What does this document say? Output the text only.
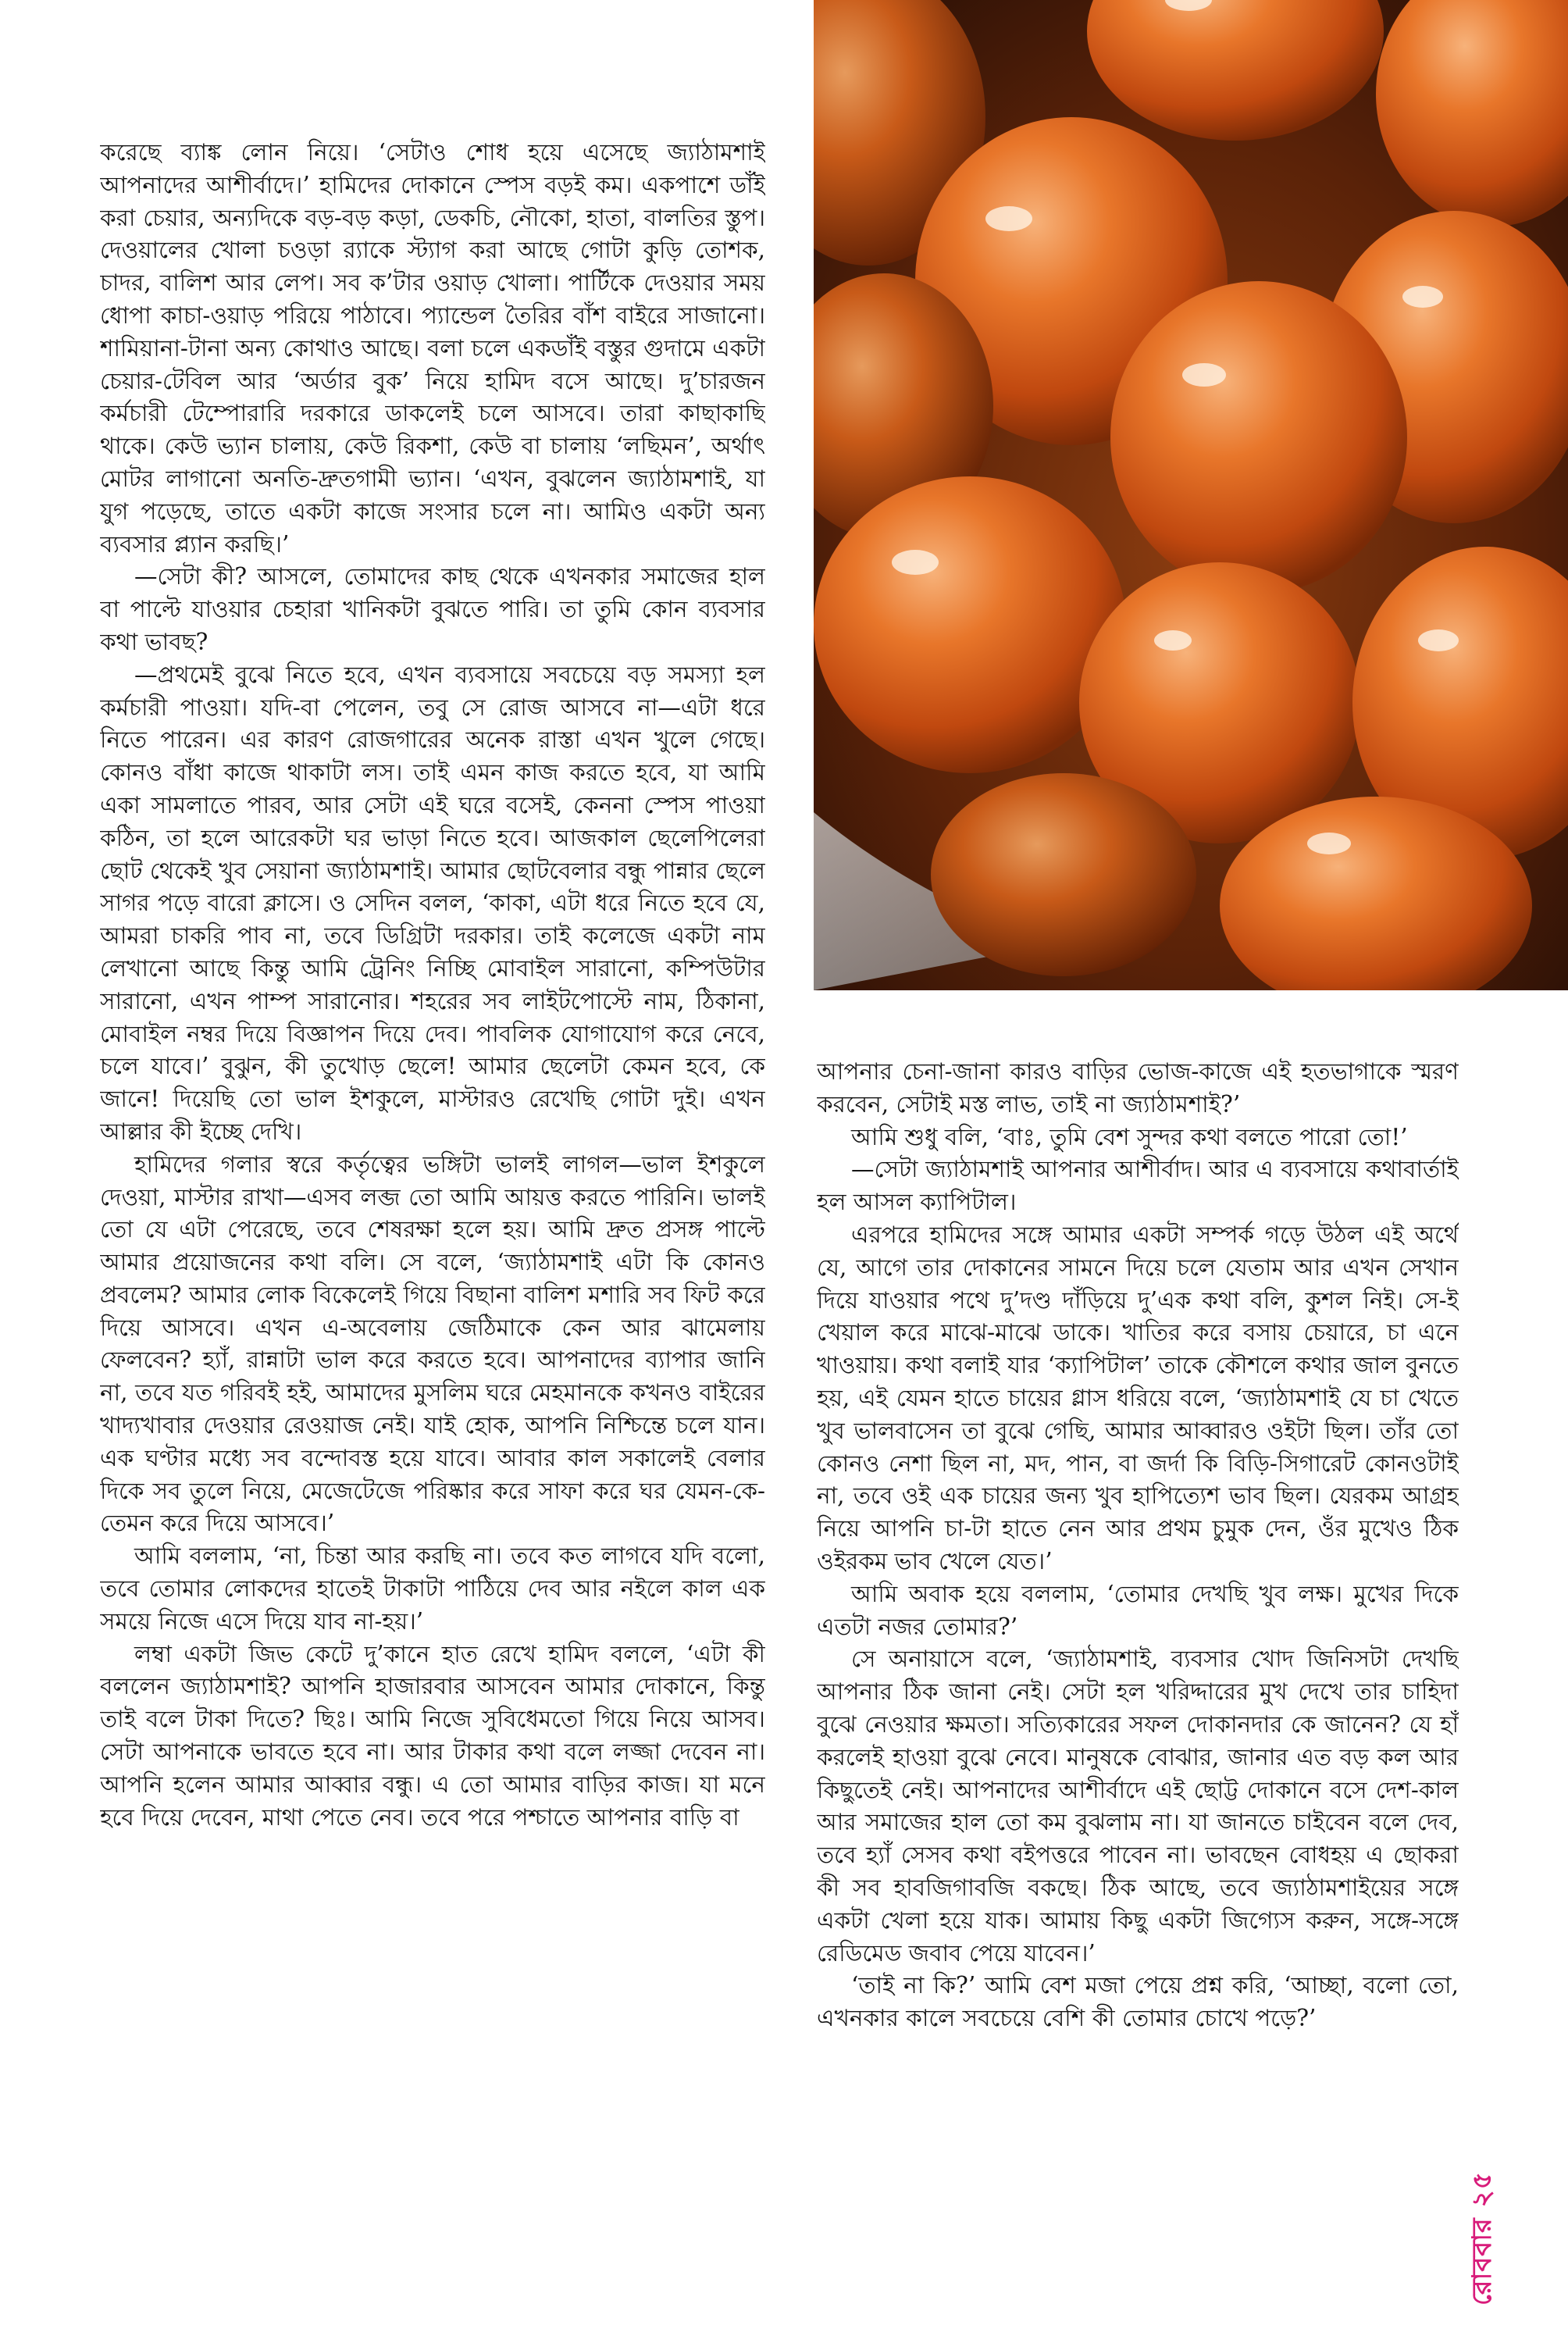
করেছে ব্যাঙ্ক লোন নিয়ে। ‘সেটাও শোধ হয়ে এসেছে জ্যাঠামশাই আপনাদের আশীর্বাদে।’ হামিদের দোকানে স্পেস বড়ই কম। একপাশে ডাঁই করা চেয়ার, অন্যদিকে বড়-বড় কড়া, ডেকচি, নৌকো, হাতা, বালতির স্তুপ। দেওয়ালের খোলা চওড়া র‍্যাকে স্ট্যাগ করা আছে গোটা কুড়ি তোশক, চাদর, বালিশ আর লেপ। সব ক’টার ওয়াড় খোলা। পার্টিকে দেওয়ার সময় ধোপা কাচা-ওয়াড় পরিয়ে পাঠাবে। প্যান্ডেল তৈরির বাঁশ বাইরে সাজানো। শামিয়ানা-টানা অন্য কোথাও আছে। বলা চলে একডাঁই বস্তুর গুদামে একটা চেয়ার-টেবিল আর ‘অর্ডার বুক’ নিয়ে হামিদ বসে আছে। দু’চারজন কর্মচারী টেম্পোরারি দরকারে ডাকলেই চলে আসবে। তারা কাছাকাছি থাকে। কেউ ভ্যান চালায়, কেউ রিকশা, কেউ বা চালায় ‘লছিমন’, অর্থাৎ মোটর লাগানো অনতি-দ্রুতগামী ভ্যান। ‘এখন, বুঝলেন জ্যাঠামশাই, যা যুগ পড়েছে, তাতে একটা কাজে সংসার চলে না। আমিও একটা অন্য ব্যবসার প্ল্যান করছি।’

—সেটা কী? আসলে, তোমাদের কাছ থেকে এখনকার সমাজের হাল বা পাল্টে যাওয়ার চেহারা খানিকটা বুঝতে পারি। তা তুমি কোন ব্যবসার কথা ভাবছ?

—প্রথমেই বুঝে নিতে হবে, এখন ব্যবসায়ে সবচেয়ে বড় সমস্যা হল কর্মচারী পাওয়া। যদি-বা পেলেন, তবু সে রোজ আসবে না—এটা ধরে নিতে পারেন। এর কারণ রোজগারের অনেক রাস্তা এখন খুলে গেছে। কোনও বাঁধা কাজে থাকাটা লস। তাই এমন কাজ করতে হবে, যা আমি একা সামলাতে পারব, আর সেটা এই ঘরে বসেই, কেননা স্পেস পাওয়া কঠিন, তা হলে আরেকটা ঘর ভাড়া নিতে হবে। আজকাল ছেলেপিলেরা ছোট থেকেই খুব সেয়ানা জ্যাঠামশাই। আমার ছোটবেলার বন্ধু পান্নার ছেলে সাগর পড়ে বারো ক্লাসে। ও সেদিন বলল, ‘কাকা, এটা ধরে নিতে হবে যে, আমরা চাকরি পাব না, তবে ডিগ্রিটা দরকার। তাই কলেজে একটা নাম লেখানো আছে কিন্তু আমি ট্রেনিং নিচ্ছি মোবাইল সারানো, কম্পিউটার সারানো, এখন পাম্প সারানোর। শহরের সব লাইটপোস্টে নাম, ঠিকানা, মোবাইল নম্বর দিয়ে বিজ্ঞাপন দিয়ে দেব। পাবলিক যোগাযোগ করে নেবে, চলে যাবে।’ বুঝুন, কী তুখোড় ছেলে! আমার ছেলেটা কেমন হবে, কে জানে! দিয়েছি তো ভাল ইশকুলে, মাস্টারও রেখেছি গোটা দুই। এখন আল্লার কী ইচ্ছে দেখি।

হামিদের গলার স্বরে কর্তৃত্বের ভঙ্গিটা ভালই লাগল—ভাল ইশকুলে দেওয়া, মাস্টার রাখা—এসব লব্জ তো আমি আয়ত্ত করতে পারিনি। ভালই তো যে এটা পেরেছে, তবে শেষরক্ষা হলে হয়। আমি দ্রুত প্রসঙ্গ পাল্টে আমার প্রয়োজনের কথা বলি। সে বলে, ‘জ্যাঠামশাই এটা কি কোনও প্রবলেম? আমার লোক বিকেলেই গিয়ে বিছানা বালিশ মশারি সব ফিট করে দিয়ে আসবে। এখন এ-অবেলায় জেঠিমাকে কেন আর ঝামেলায় ফেলবেন? হ্যাঁ, রান্নাটা ভাল করে করতে হবে। আপনাদের ব্যাপার জানি না, তবে যত গরিবই হই, আমাদের মুসলিম ঘরে মেহমানকে কখনও বাইরের খাদ্যখাবার দেওয়ার রেওয়াজ নেই। যাই হোক, আপনি নিশ্চিন্তে চলে যান। এক ঘণ্টার মধ্যে সব বন্দোবস্ত হয়ে যাবে। আবার কাল সকালেই বেলার দিকে সব তুলে নিয়ে, মেজেটেজে পরিষ্কার করে সাফা করে ঘর যেমন-কে-তেমন করে দিয়ে আসবে।’

আমি বললাম, ‘না, চিন্তা আর করছি না। তবে কত লাগবে যদি বলো, তবে তোমার লোকদের হাতেই টাকাটা পাঠিয়ে দেব আর নইলে কাল এক সময়ে নিজে এসে দিয়ে যাব না-হয়।’

লম্বা একটা জিভ কেটে দু’কানে হাত রেখে হামিদ বললে, ‘এটা কী বললেন জ্যাঠামশাই? আপনি হাজারবার আসবেন আমার দোকানে, কিন্তু তাই বলে টাকা দিতে? ছিঃ। আমি নিজে সুবিধেমতো গিয়ে নিয়ে আসব। সেটা আপনাকে ভাবতে হবে না। আর টাকার কথা বলে লজ্জা দেবেন না। আপনি হলেন আমার আব্বার বন্ধু। এ তো আমার বাড়ির কাজ। যা মনে হবে দিয়ে দেবেন, মাথা পেতে নেব। তবে পরে পশ্চাতে আপনার বাড়ি বা

আপনার চেনা-জানা কারও বাড়ির ভোজ-কাজে এই হতভাগাকে স্মরণ করবেন, সেটাই মস্ত লাভ, তাই না জ্যাঠামশাই?’

আমি শুধু বলি, ‘বাঃ, তুমি বেশ সুন্দর কথা বলতে পারো তো!’

—সেটা জ্যাঠামশাই আপনার আশীর্বাদ। আর এ ব্যবসায়ে কথাবার্তাই হল আসল ক্যাপিটাল।

এরপরে হামিদের সঙ্গে আমার একটা সম্পর্ক গড়ে উঠল এই অর্থে যে, আগে তার দোকানের সামনে দিয়ে চলে যেতাম আর এখন সেখান দিয়ে যাওয়ার পথে দু’দণ্ড দাঁড়িয়ে দু’এক কথা বলি, কুশল নিই। সে-ই খেয়াল করে মাঝে-মাঝে ডাকে। খাতির করে বসায় চেয়ারে, চা এনে খাওয়ায়। কথা বলাই যার ‘ক্যাপিটাল’ তাকে কৌশলে কথার জাল বুনতে হয়, এই যেমন হাতে চায়ের গ্লাস ধরিয়ে বলে, ‘জ্যাঠামশাই যে চা খেতে খুব ভালবাসেন তা বুঝে গেছি, আমার আব্বারও ওইটা ছিল। তাঁর তো কোনও নেশা ছিল না, মদ, পান, বা জর্দা কি বিড়ি-সিগারেট কোনওটাই না, তবে ওই এক চায়ের জন্য খুব হাপিত্যেশ ভাব ছিল। যেরকম আগ্রহ নিয়ে আপনি চা-টা হাতে নেন আর প্রথম চুমুক দেন, ওঁর মুখেও ঠিক ওইরকম ভাব খেলে যেত।’

আমি অবাক হয়ে বললাম, ‘তোমার দেখছি খুব লক্ষ। মুখের দিকে এতটা নজর তোমার?’

সে অনায়াসে বলে, ‘জ্যাঠামশাই, ব্যবসার খোদ জিনিসটা দেখছি আপনার ঠিক জানা নেই। সেটা হল খরিদ্দারের মুখ দেখে তার চাহিদা বুঝে নেওয়ার ক্ষমতা। সত্যিকারের সফল দোকানদার কে জানেন? যে হাঁ করলেই হাওয়া বুঝে নেবে। মানুষকে বোঝার, জানার এত বড় কল আর কিছুতেই নেই। আপনাদের আশীর্বাদে এই ছোট্ট দোকানে বসে দেশ-কাল আর সমাজের হাল তো কম বুঝলাম না। যা জানতে চাইবেন বলে দেব, তবে হ্যাঁ সেসব কথা বইপত্তরে পাবেন না। ভাবছেন বোধহয় এ ছোকরা কী সব হাবজিগাবজি বকছে। ঠিক আছে, তবে জ্যাঠামশাইয়ের সঙ্গে একটা খেলা হয়ে যাক। আমায় কিছু একটা জিগ্যেস করুন, সঙ্গে-সঙ্গে রেডিমেড জবাব পেয়ে যাবেন।’

‘তাই না কি?’ আমি বেশ মজা পেয়ে প্রশ্ন করি, ‘আচ্ছা, বলো তো, এখনকার কালে সবচেয়ে বেশি কী তোমার চোখে পড়ে?’

রোববার ২৫
